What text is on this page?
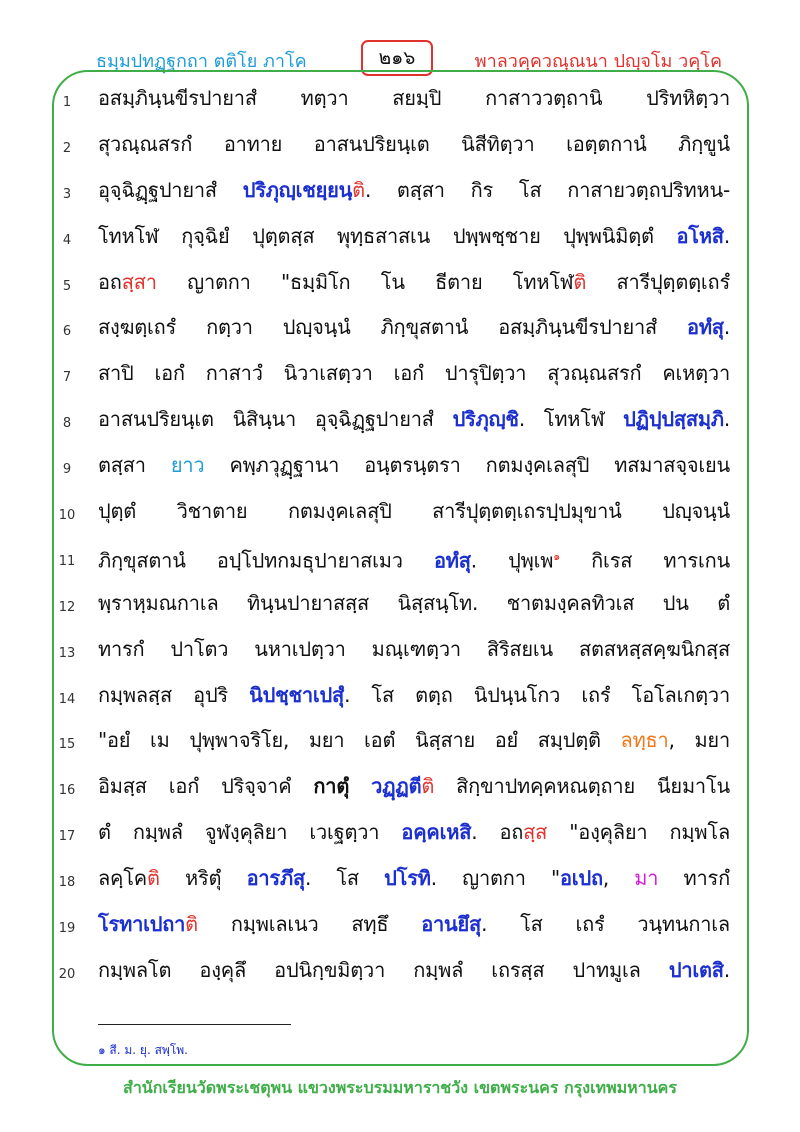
ธมฺมปทฏฺฐกถา ตติโย ภาโค	๒๑๖	พาลวคฺควณฺณนา ปญฺจโม วคฺโค
1	อสมฺภินฺนขีรปายาสํ ทตฺวา สยมฺปิ กาสาววตฺถานิ ปริทหิตฺวา
2	สุวณฺณสรกํ อาทาย อาสนปริยนฺเต นิสีทิตฺวา เอตฺตกานํ ภิกฺขูนํ
3	อุจฺฉิฏฺฐปายาสํ ปริภุญฺเชยฺยนฺติ. ตสฺสา กิร โส กาสายวตฺถปริทหน-
4	โทหโฬ กุจฺฉิยํ ปุตฺตสฺส พุทฺธสาสเน ปพฺพชฺชาย ปุพฺพนิมิตฺตํ อโหสิ.
5	อถสฺสา ญาตกา "ธมฺมิโก โน ธีตาย โทหโฬติ สารีปุตฺตตฺเถรํ
6	สงฺฆตฺเถรํ กตฺวา ปญฺจนฺนํ ภิกฺขุสตานํ อสมฺภินฺนขีรปายาสํ อทํสุ.
7	สาปิ เอกํ กาสาวํ นิวาเสตฺวา เอกํ ปารุปิตฺวา สุวณฺณสรกํ คเหตฺวา
8	อาสนปริยนฺเต นิสินฺนา อุจฺฉิฏฺฐปายาสํ ปริภุญฺชิ. โทหโฬ ปฏิปฺปสฺสมฺภิ.
9	ตสฺสา ยาว คพฺภวุฏฺฐานา อนฺตรนฺตรา กตมงฺคเลสุปิ ทสมาสจฺจเยน
10	ปุตฺตํ วิชาตาย กตมงฺคเลสุปิ สารีปุตฺตตฺเถรปฺปมุขานํ ปญฺจนฺนํ
11	ภิกฺขุสตานํ อปฺโปทกมธุปายาสเมว อทํสุ. ปุพฺเพ$^๑$ กิเรส ทารเกน
12	พฺราหฺมณกาเล ทินฺนปายาสสฺส นิสฺสนฺโท. ชาตมงฺคลทิวเส ปน ตํ
13	ทารกํ ปาโตว นหาเปตฺวา มณฺเฑตฺวา สิริสยเน สตสหสฺสคฺฆนิกสฺส
14	กมฺพลสฺส อุปริ นิปชฺชาเปสุํ. โส ตตฺถ นิปนฺนโกว เถรํ โอโลเกตฺวา
15	"อยํ เม ปุพฺพาจริโย, มยา เอตํ นิสฺสาย อยํ สมฺปตฺติ ลทฺธา, มยา
16	อิมสฺส เอกํ ปริจฺจาคํ กาตุํ วฏฺฏตีติ สิกฺขาปทคฺคหณตฺถาย นียมาโน
17	ตํ กมฺพลํ จูฬงฺคุลิยา เวเฐตฺวา อคฺคเหสิ. อถสฺส "องฺคุลิยา กมฺพโล
18	ลคฺโคติ หริตุํ อารภึสุ. โส ปโรทิ. ญาตกา "อเปถ, มา ทารกํ
19	โรทาเปถาติ กมฺพเลเนว สทฺธึ อานยึสุ. โส เถรํ วนฺทนกาเล
20	กมฺพลโต องฺคุลึ อปนิกฺขมิตฺวา กมฺพลํ เถรสฺส ปาทมูเล ปาเตสิ.
๑ สี. ม. ยุ. สพฺโพ.
สำนักเรียนวัดพระเชตุพน แขวงพระบรมมหาราชวัง เขตพระนคร กรุงเทพมหานคร
